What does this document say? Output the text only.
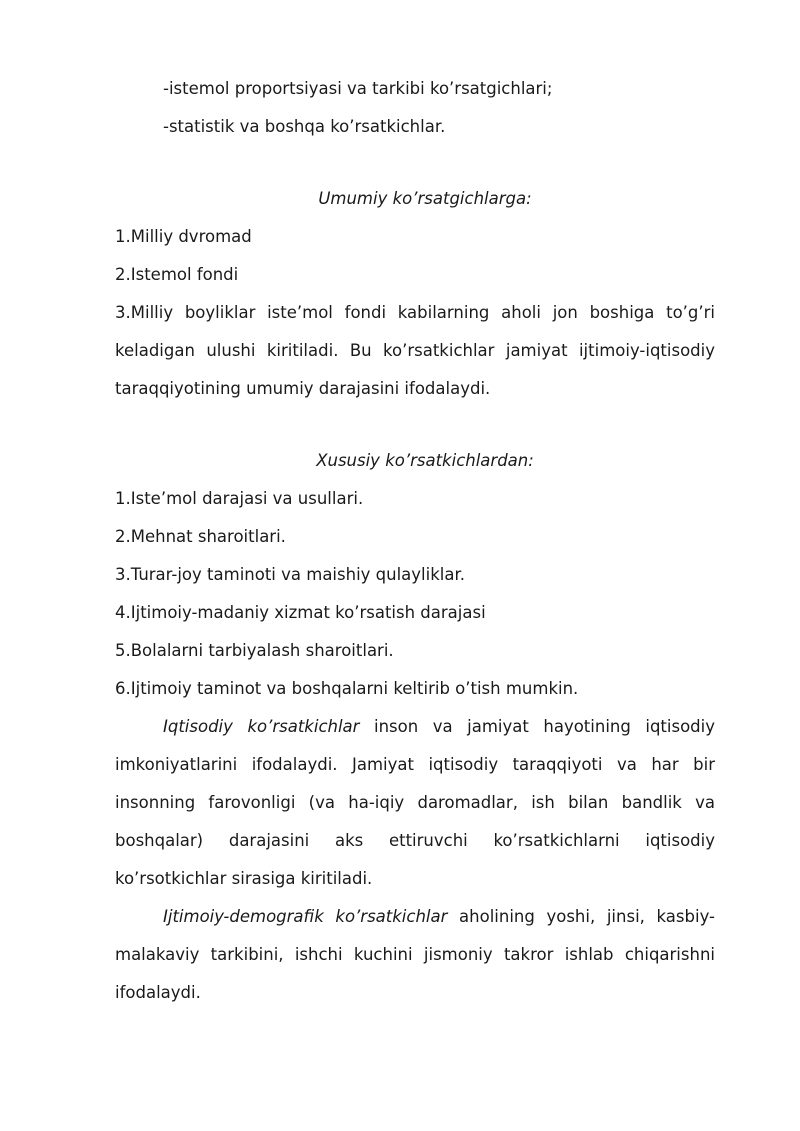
-istemol proportsiyasi va tarkibi ko’rsatgichlari;
-statistik va boshqa ko’rsatkichlar.
Umumiy ko’rsatgichlarga:
1.Milliy dvromad
2.Istemol fondi
3.Milliy boyliklar iste’mol fondi kabilarning aholi jon boshiga to’g’ri
keladigan ulushi kiritiladi. Bu ko’rsatkichlar jamiyat ijtimoiy-iqtisodiy
taraqqiyotining umumiy darajasini ifodalaydi.
Xususiy ko’rsatkichlardan:
1.Iste’mol darajasi va usullari.
2.Mehnat sharoitlari.
3.Turar-joy taminoti va maishiy qulayliklar.
4.Ijtimoiy-madaniy xizmat ko’rsatish darajasi
5.Bolalarni tarbiyalash sharoitlari.
6.Ijtimoiy taminot va boshqalarni keltirib o’tish mumkin.
Iqtisodiy ko’rsatkichlar inson va jamiyat hayotining iqtisodiy
imkoniyatlarini ifodalaydi. Jamiyat iqtisodiy taraqqiyoti va har bir
insonning farovonligi (va ha-iqiy daromadlar, ish bilan bandlik va
boshqalar) darajasini aks ettiruvchi ko’rsatkichlarni iqtisodiy
ko’rsotkichlar sirasiga kiritiladi.
Ijtimoiy-demografik ko’rsatkichlar aholining yoshi, jinsi, kasbiy-
malakaviy tarkibini, ishchi kuchini jismoniy takror ishlab chiqarishni
ifodalaydi.
